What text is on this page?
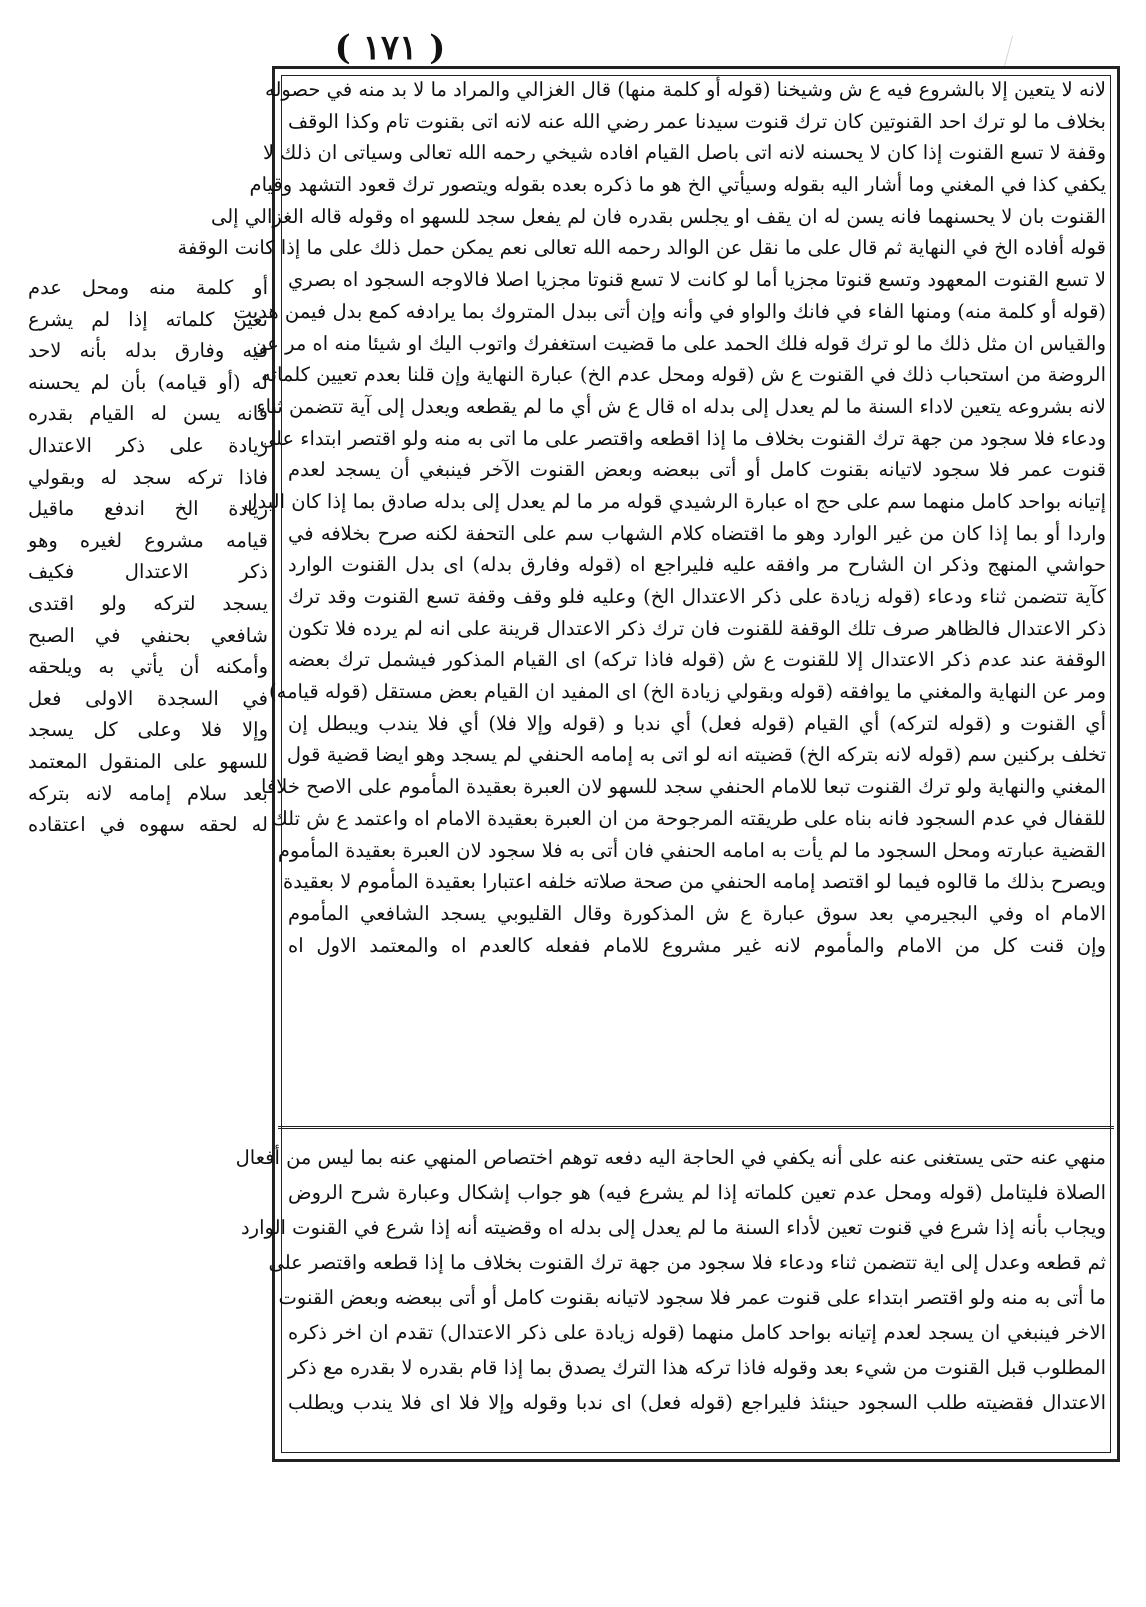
( ١٧١ )
لانه لا يتعين إلا بالشروع فيه ع ش وشيخنا (قوله أو كلمة منها) قال الغزالي والمراد ما لا بد منه في حصوله
بخلاف ما لو ترك احد القنوتين كان ترك قنوت سيدنا عمر رضي الله عنه لانه اتى بقنوت تام وكذا الوقف
وقفة لا تسع القنوت إذا كان لا يحسنه لانه اتى باصل القيام افاده شيخي رحمه الله تعالى وسياتى ان ذلك لا
يكفي كذا في المغني وما أشار اليه بقوله وسيأتي الخ هو ما ذكره بعده بقوله ويتصور ترك قعود التشهد وقيام
القنوت بان لا يحسنهما فانه يسن له ان يقف او يجلس بقدره فان لم يفعل سجد للسهو اه وقوله قاله الغزالي إلى
قوله أفاده الخ في النهاية ثم قال على ما نقل عن الوالد رحمه الله تعالى نعم يمكن حمل ذلك على ما إذا كانت الوقفة
لا تسع القنوت المعهود وتسع قنوتا مجزيا أما لو كانت لا تسع قنوتا مجزيا اصلا فالاوجه السجود اه بصري
(قوله أو كلمة منه) ومنها الفاء في فانك والواو في وأنه وإن أتى ببدل المتروك بما يرادفه كمع بدل فيمن هديت
والقياس ان مثل ذلك ما لو ترك قوله فلك الحمد على ما قضيت استغفرك واتوب اليك او شيئا منه اه مر عن
الروضة من استحباب ذلك في القنوت ع ش (قوله ومحل عدم الخ) عبارة النهاية وإن قلنا بعدم تعيين كلماته
لانه بشروعه يتعين لاداء السنة ما لم يعدل إلى بدله اه قال ع ش أي ما لم يقطعه ويعدل إلى آية تتضمن ثناء
ودعاء فلا سجود من جهة ترك القنوت بخلاف ما إذا اقطعه واقتصر على ما اتى به منه ولو اقتصر ابتداء على
قنوت عمر فلا سجود لاتيانه بقنوت كامل أو أتى ببعضه وبعض القنوت الآخر فينبغي أن يسجد لعدم
إتيانه بواحد كامل منهما سم على حج اه عبارة الرشيدي قوله مر ما لم يعدل إلى بدله صادق بما إذا كان البدل
واردا أو بما إذا كان من غير الوارد وهو ما اقتضاه كلام الشهاب سم على التحفة لكنه صرح بخلافه في
حواشي المنهج وذكر ان الشارح مر وافقه عليه فليراجع اه (قوله وفارق بدله) اى بدل القنوت الوارد
كآية تتضمن ثناء ودعاء (قوله زيادة على ذكر الاعتدال الخ) وعليه فلو وقف وقفة تسع القنوت وقد ترك
ذكر الاعتدال فالظاهر صرف تلك الوقفة للقنوت فان ترك ذكر الاعتدال قرينة على انه لم يرده فلا تكون
الوقفة عند عدم ذكر الاعتدال إلا للقنوت ع ش (قوله فاذا تركه) اى القيام المذكور فيشمل ترك بعضه
ومر عن النهاية والمغني ما يوافقه (قوله وبقولي زيادة الخ) اى المفيد ان القيام بعض مستقل (قوله قيامه)
أي القنوت و (قوله لتركه) أي القيام (قوله فعل) أي ندبا و (قوله وإلا فلا) أي فلا يندب ويبطل إن
تخلف بركنين سم (قوله لانه بتركه الخ) قضيته انه لو اتى به إمامه الحنفي لم يسجد وهو ايضا قضية قول
المغني والنهاية ولو ترك القنوت تبعا للامام الحنفي سجد للسهو لان العبرة بعقيدة المأموم على الاصح خلافا
للقفال في عدم السجود فانه بناه على طريقته المرجوحة من ان العبرة بعقيدة الامام اه واعتمد ع ش تلك
القضية عبارته ومحل السجود ما لم يأت به امامه الحنفي فان أتى به فلا سجود لان العبرة بعقيدة المأموم
ويصرح بذلك ما قالوه فيما لو اقتصد إمامه الحنفي من صحة صلاته خلفه اعتبارا بعقيدة المأموم لا بعقيدة
الامام اه وفي البجيرمي بعد سوق عبارة ع ش المذكورة وقال القليوبي يسجد الشافعي المأموم
وإن قنت كل من الامام والمأموم لانه غير مشروع للامام ففعله كالعدم اه والمعتمد الاول اه
منهي عنه حتى يستغنى عنه على أنه يكفي في الحاجة اليه دفعه توهم اختصاص المنهي عنه بما ليس من أفعال
الصلاة فليتامل (قوله ومحل عدم تعين كلماته إذا لم يشرع فيه) هو جواب إشكال وعبارة شرح الروض
ويجاب بأنه إذا شرع في قنوت تعين لأداء السنة ما لم يعدل إلى بدله اه وقضيته أنه إذا شرع في القنوت الوارد
ثم قطعه وعدل إلى اية تتضمن ثناء ودعاء فلا سجود من جهة ترك القنوت بخلاف ما إذا قطعه واقتصر على
ما أتى به منه ولو اقتصر ابتداء على قنوت عمر فلا سجود لاتيانه بقنوت كامل أو أتى ببعضه وبعض القنوت
الاخر فينبغي ان يسجد لعدم إتيانه بواحد كامل منهما (قوله زيادة على ذكر الاعتدال) تقدم ان اخر ذكره
المطلوب قبل القنوت من شيء بعد وقوله فاذا تركه هذا الترك يصدق بما إذا قام بقدره لا بقدره مع ذكر
الاعتدال فقضيته طلب السجود حينئذ فليراجع (قوله فعل) اى ندبا وقوله وإلا فلا اى فلا يندب ويطلب
أو كلمة منه ومحل عدم
تعين كلماته إذا لم يشرع
فيه وفارق بدله بأنه لاحد
له (أو قيامه) بأن لم يحسنه
فانه يسن له القيام بقدره
زيادة على ذكر الاعتدال
فاذا تركه سجد له وبقولي
زيادة الخ اندفع ماقيل
قيامه مشروع لغيره وهو
ذكر الاعتدال فكيف
يسجد لتركه ولو اقتدى
شافعي بحنفي في الصبح
وأمكنه أن يأتي به ويلحقه
في السجدة الاولى فعل
وإلا فلا وعلى كل يسجد
للسهو على المنقول المعتمد
بعد سلام إمامه لانه بتركه
له لحقه سهوه في اعتقاده
